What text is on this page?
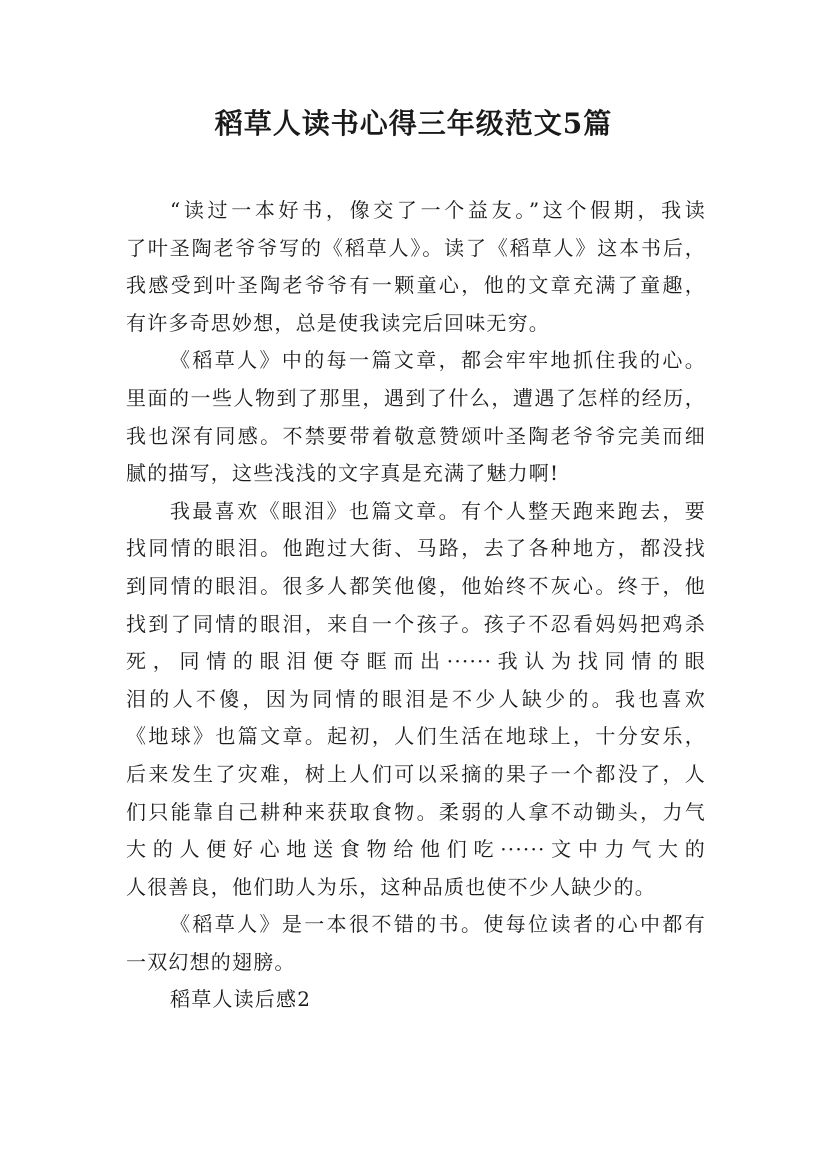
稻草人读书心得三年级范文5篇
“读过一本好书，像交了一个益友。”这个假期，我读
了叶圣陶老爷爷写的《稻草人》。读了《稻草人》这本书后，
我感受到叶圣陶老爷爷有一颗童心，他的文章充满了童趣，
有许多奇思妙想，总是使我读完后回味无穷。
《稻草人》中的每一篇文章，都会牢牢地抓住我的心。
里面的一些人物到了那里，遇到了什么，遭遇了怎样的经历，
我也深有同感。不禁要带着敬意赞颂叶圣陶老爷爷完美而细
腻的描写，这些浅浅的文字真是充满了魅力啊!
我最喜欢《眼泪》也篇文章。有个人整天跑来跑去，要
找同情的眼泪。他跑过大街、马路，去了各种地方，都没找
到同情的眼泪。很多人都笑他傻，他始终不灰心。终于，他
找到了同情的眼泪，来自一个孩子。孩子不忍看妈妈把鸡杀
死，同情的眼泪便夺眶而出······我认为找同情的眼
泪的人不傻，因为同情的眼泪是不少人缺少的。我也喜欢
《地球》也篇文章。起初，人们生活在地球上，十分安乐，
后来发生了灾难，树上人们可以采摘的果子一个都没了，人
们只能靠自己耕种来获取食物。柔弱的人拿不动锄头，力气
大的人便好心地送食物给他们吃······文中力气大的
人很善良，他们助人为乐，这种品质也使不少人缺少的。
《稻草人》是一本很不错的书。使每位读者的心中都有
一双幻想的翅膀。
稻草人读后感2
